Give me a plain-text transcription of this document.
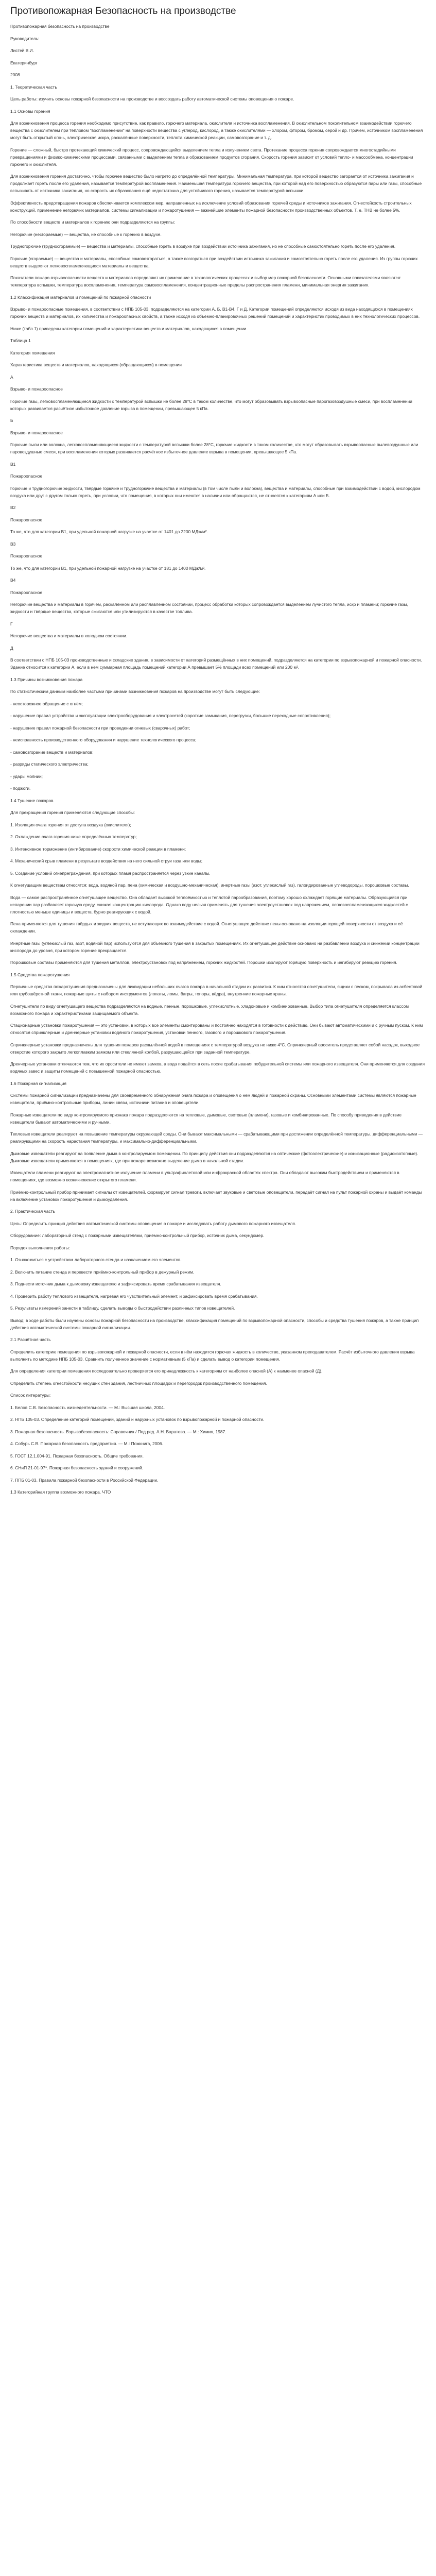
Противопожарная Безопасность на производстве

Противопожарная безопасность на производстве

Руководитель:

Листей В.И.

Екатеринбург

2008

1. Теоретическая часть

Цель работы: изучить основы пожарной безопасности на производстве и воссоздать работу автоматической системы оповещения о пожаре.

1.1 Основы горения

Для возникновения процесса горения необходимо присутствие, как правило, горючего материала, окислителя и источника воспламенения. В окислительном поколительном взаимодействии горючего вещества с окислителем при тепловом "воспламенении" на поверхности вещества с углерод, кислород, а также окислителями — хлором, фтором, бромом, серой и др. Причем, источником воспламенения могут быть открытый огонь, электрическая искра, раскалённые поверхности, теплота химической реакции, самовозгорание и т. д.

Горение — сложный, быстро протекающий химический процесс, сопровождающийся выделением тепла и излучением света. Протекание процесса горения сопровождается многостадийными превращениями и физико-химическими процессами, связанными с выделением тепла и образованием продуктов сгорания. Скорость горения зависит от условий тепло- и массообмена, концентрации горючего и окислителя.

Для возникновения горения достаточно, чтобы горючее вещество было нагрето до определённой температуры. Минимальная температура, при которой вещество загорается от источника зажигания и продолжает гореть после его удаления, называется температурой воспламенения. Наименьшая температура горючего вещества, при которой над его поверхностью образуются пары или газы, способные вспыхивать от источника зажигания, но скорость их образования ещё недостаточна для устойчивого горения, называется температурой вспышки.

Эффективность предотвращения пожаров обеспечивается комплексом мер, направленных на исключение условий образования горючей среды и источников зажигания. Огнестойкость строительных конструкций, применение негорючих материалов, системы сигнализации и пожаротушения — важнейшие элементы пожарной безопасности производственных объектов. Т. е. ТНВ не более 5%.

По способности веществ и материалов к горению они подразделяются на группы:

Негорючие (несгораемые) — вещества, не способные к горению в воздухе.

Трудногорючие (трудносгораемые) — вещества и материалы, способные гореть в воздухе при воздействии источника зажигания, но не способные самостоятельно гореть после его удаления.

Горючие (сгораемые) — вещества и материалы, способные самовозгораться, а также возгораться при воздействии источника зажигания и самостоятельно гореть после его удаления. Из группы горючих веществ выделяют легковоспламеняющиеся материалы и вещества.

Показатели пожаро-взрывоопасности веществ и материалов определяют их применение в технологических процессах и выбор мер пожарной безопасности. Основными показателями являются: температура вспышки, температура воспламенения, температура самовоспламенения, концентрационные пределы распространения пламени, минимальная энергия зажигания.

1.2 Классификация материалов и помещений по пожарной опасности

Взрыво- и пожароопасные помещения, в соответствии с НПБ 105-03, подразделяются на категории А, Б, В1-В4, Г и Д. Категории помещений определяются исходя из вида находящихся в помещениях горючих веществ и материалов, их количества и пожароопасных свойств, а также исходя из объёмно-планировочных решений помещений и характеристик проводимых в них технологических процессов.

Ниже (табл.1) приведены категории помещений и характеристики веществ и материалов, находящихся в помещении.

Таблица 1

Категория помещения

Характеристика веществ и материалов, находящихся (обращающихся) в помещении

А

Взрыво- и пожароопасное

Горючие газы, легковоспламеняющиеся жидкости с температурой вспышки не более 28°С в таком количестве, что могут образовывать взрывоопасные парогазовоздушные смеси, при воспламенении которых развивается расчётное избыточное давление взрыва в помещении, превышающее 5 кПа.

Б

Взрыво- и пожароопасное

Горючие пыли или волокна, легковоспламеняющиеся жидкости с температурой вспышки более 28°С, горючие жидкости в таком количестве, что могут образовывать взрывоопасные пылевоздушные или паровоздушные смеси, при воспламенении которых развивается расчётное избыточное давление взрыва в помещении, превышающее 5 кПа.

В1

Пожароопасное

Горючие и трудногорючие жидкости, твёрдые горючие и трудногорючие вещества и материалы (в том числе пыли и волокна), вещества и материалы, способные при взаимодействии с водой, кислородом воздуха или друг с другом только гореть, при условии, что помещения, в которых они имеются в наличии или обращаются, не относятся к категориям А или Б.

В2

Пожароопасное

То же, что для категории В1, при удельной пожарной нагрузке на участке от 1401 до 2200 МДж/м².

В3

Пожароопасное

То же, что для категории В1, при удельной пожарной нагрузке на участке от 181 до 1400 МДж/м².

В4

Пожароопасное

Негорючие вещества и материалы в горячем, раскалённом или расплавленном состоянии, процесс обработки которых сопровождается выделением лучистого тепла, искр и пламени; горючие газы, жидкости и твёрдые вещества, которые сжигаются или утилизируются в качестве топлива.

Г

Негорючие вещества и материалы в холодном состоянии.

Д

В соответствии с НПБ 105-03 производственные и складские здания, в зависимости от категорий размещённых в них помещений, подразделяются на категории по взрывопожарной и пожарной опасности. Здание относится к категории А, если в нём суммарная площадь помещений категории А превышает 5% площади всех помещений или 200 м².

1.3 Причины возникновения пожара

По статистическим данным наиболее частыми причинами возникновения пожаров на производстве могут быть следующие:

- неосторожное обращение с огнём;

- нарушение правил устройства и эксплуатации электрооборудования и электросетей (короткие замыкания, перегрузки, большие переходные сопротивления);

- нарушение правил пожарной безопасности при проведении огневых (сварочных) работ;

- неисправность производственного оборудования и нарушение технологического процесса;

- самовозгорание веществ и материалов;

- разряды статического электричества;

- удары молнии;

- поджоги.

1.4 Тушение пожаров

Для прекращения горения применяются следующие способы:

1. Изоляция очага горения от доступа воздуха (окислителя);

2. Охлаждение очага горения ниже определённых температур;

3. Интенсивное торможение (ингибирование) скорости химической реакции в пламени;

4. Механический срыв пламени в результате воздействия на него сильной струи газа или воды;

5. Создание условий огнепреграждения, при которых пламя распространяется через узкие каналы.

К огнетушащим веществам относятся: вода, водяной пар, пена (химическая и воздушно-механическая), инертные газы (азот, углекислый газ), галоидированные углеводороды, порошковые составы.

Вода — самое распространённое огнетушащее вещество. Она обладает высокой теплоёмкостью и теплотой парообразования, поэтому хорошо охлаждает горящие материалы. Образующийся при испарении пар разбавляет горючую среду, снижая концентрацию кислорода. Однако воду нельзя применять для тушения электроустановок под напряжением, легковоспламеняющихся жидкостей с плотностью меньше единицы и веществ, бурно реагирующих с водой.

Пена применяется для тушения твёрдых и жидких веществ, не вступающих во взаимодействие с водой. Огнетушащее действие пены основано на изоляции горящей поверхности от воздуха и её охлаждении.

Инертные газы (углекислый газ, азот, водяной пар) используются для объёмного тушения в закрытых помещениях. Их огнетушащее действие основано на разбавлении воздуха и снижении концентрации кислорода до уровня, при котором горение прекращается.

Порошковые составы применяются для тушения металлов, электроустановок под напряжением, горючих жидкостей. Порошки изолируют горящую поверхность и ингибируют реакцию горения.

1.5 Средства пожаротушения

Первичные средства пожаротушения предназначены для ликвидации небольших очагов пожара в начальной стадии их развития. К ним относятся огнетушители, ящики с песком, покрывала из асбестовой или грубошёрстной ткани, пожарные щиты с набором инструментов (лопаты, ломы, багры, топоры, вёдра), внутренние пожарные краны.

Огнетушители по виду огнетушащего вещества подразделяются на водные, пенные, порошковые, углекислотные, хладоновые и комбинированные. Выбор типа огнетушителя определяется классом возможного пожара и характеристиками защищаемого объекта.

Стационарные установки пожаротушения — это установки, в которых все элементы смонтированы и постоянно находятся в готовности к действию. Они бывают автоматическими и с ручным пуском. К ним относятся спринклерные и дренчерные установки водяного пожаротушения, установки пенного, газового и порошкового пожаротушения.

Спринклерные установки предназначены для тушения пожаров распылённой водой в помещениях с температурой воздуха не ниже 4°С. Спринклерный ороситель представляет собой насадок, выходное отверстие которого закрыто легкоплавким замком или стеклянной колбой, разрушающейся при заданной температуре.

Дренчерные установки отличаются тем, что их оросители не имеют замков, а вода подаётся в сеть после срабатывания побудительной системы или пожарного извещателя. Они применяются для создания водяных завес и защиты помещений с повышенной пожарной опасностью.

1.6 Пожарная сигнализация

Системы пожарной сигнализации предназначены для своевременного обнаружения очага пожара и оповещения о нём людей и пожарной охраны. Основными элементами системы являются пожарные извещатели, приёмно-контрольные приборы, линии связи, источники питания и оповещатели.

Пожарные извещатели по виду контролируемого признака пожара подразделяются на тепловые, дымовые, световые (пламени), газовые и комбинированные. По способу приведения в действие извещатели бывают автоматическими и ручными.

Тепловые извещатели реагируют на повышение температуры окружающей среды. Они бывают максимальными — срабатывающими при достижении определённой температуры, дифференциальными — реагирующими на скорость нарастания температуры, и максимально-дифференциальными.

Дымовые извещатели реагируют на появление дыма в контролируемом помещении. По принципу действия они подразделяются на оптические (фотоэлектрические) и ионизационные (радиоизотопные). Дымовые извещатели применяются в помещениях, где при пожаре возможно выделение дыма в начальной стадии.

Извещатели пламени реагируют на электромагнитное излучение пламени в ультрафиолетовой или инфракрасной областях спектра. Они обладают высоким быстродействием и применяются в помещениях, где возможно возникновение открытого пламени.

Приёмно-контрольный прибор принимает сигналы от извещателей, формирует сигнал тревоги, включает звуковые и световые оповещатели, передаёт сигнал на пульт пожарной охраны и выдаёт команды на включение установок пожаротушения и дымоудаления.

2. Практическая часть

Цель: Определить принцип действия автоматической системы оповещения о пожаре и исследовать работу дымового пожарного извещателя.

Оборудование: лабораторный стенд с пожарными извещателями, приёмно-контрольный прибор, источник дыма, секундомер.

Порядок выполнения работы:

1. Ознакомиться с устройством лабораторного стенда и назначением его элементов.

2. Включить питание стенда и перевести приёмно-контрольный прибор в дежурный режим.

3. Поднести источник дыма к дымовому извещателю и зафиксировать время срабатывания извещателя.

4. Проверить работу теплового извещателя, нагревая его чувствительный элемент, и зафиксировать время срабатывания.

5. Результаты измерений занести в таблицу, сделать выводы о быстродействии различных типов извещателей.

Вывод: в ходе работы были изучены основы пожарной безопасности на производстве, классификация помещений по взрывопожарной опасности, способы и средства тушения пожаров, а также принцип действия автоматической системы пожарной сигнализации.

2.1 Расчётная часть

Определить категорию помещения по взрывопожарной и пожарной опасности, если в нём находится горючая жидкость в количестве, указанном преподавателем. Расчёт избыточного давления взрыва выполнить по методике НПБ 105-03. Сравнить полученное значение с нормативным (5 кПа) и сделать вывод о категории помещения.

Для определения категории помещения последовательно проверяется его принадлежность к категориям от наиболее опасной (А) к наименее опасной (Д).

Определить степень огнестойкости несущих стен здания, лестничных площадок и перегородок производственного помещения.

Список литературы:

1. Белов С.В. Безопасность жизнедеятельности. — М.: Высшая школа, 2004.

2. НПБ 105-03. Определение категорий помещений, зданий и наружных установок по взрывопожарной и пожарной опасности.

3. Пожарная безопасность. Взрывобезопасность: Справочник / Под ред. А.Н. Баратова. — М.: Химия, 1987.

4. Собурь С.В. Пожарная безопасность предприятия. — М.: Пожкнига, 2006.

5. ГОСТ 12.1.004-91. Пожарная безопасность. Общие требования.

6. СНиП 21-01-97*. Пожарная безопасность зданий и сооружений.

7. ППБ 01-03. Правила пожарной безопасности в Российской Федерации.

1.3 Категорийная группа возможного пожара. ЧТО
